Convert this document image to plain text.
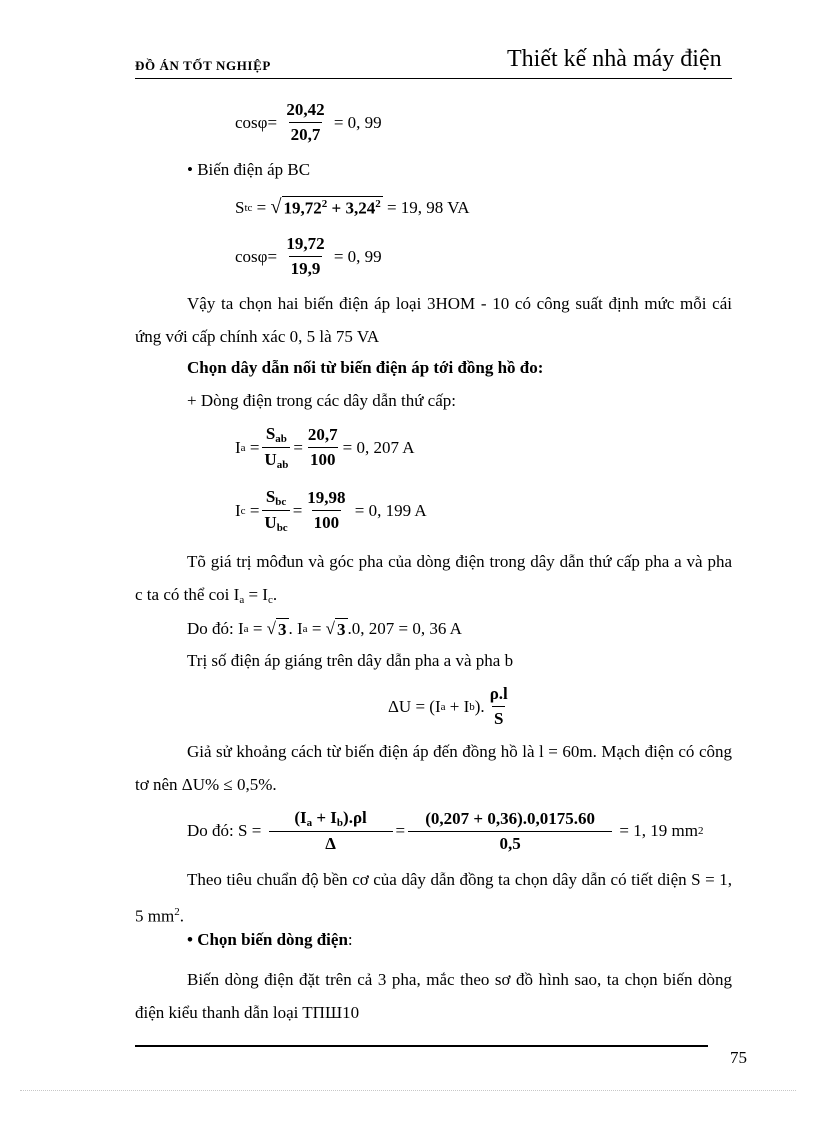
ĐỒ ÁN TỐT NGHIỆP	Thiết kế nhà máy điện
$\cos\varphi = \frac{20,42}{20,7}$
= 0, 99
• Biến điện áp BC
S tc = √ $19,72^2 + 3,24^2$
= 19, 98 VA
$\cos\varphi = \frac{19,72}{19,9}$
= 0, 99
Vậy ta chọn hai biến điện áp loại 3HOM - 10 có công suất định mức mỗi cái ứng với cấp chính xác 0, 5 là 75 VA
Chọn dây dẫn nối từ biến điện áp tới đồng hồ đo:
+ Dòng điện trong các dây dẫn thứ cấp:
I $a = \frac{S_{ab}}{U_{ab}} = \frac{20,7}{100} = 0$, 207 A
I $c = \frac{S_{bc}}{U_{bc}} = \frac{19,98}{100}$
= 0, 199 A
Tõ giá trị môđun và góc pha của dòng điện trong dây dẫn thứ cấp pha a và pha c ta có thể coi $I_a = I_c$.
Do đó: I a = √ 3 . I a = √ 3 .0, 207 = 0, 36 A
Trị số điện áp giáng trên dây dẫn pha a và pha b
ΔU = (I a + I b ). $\frac{\rho.l}{S}$
Giả sử khoảng cách từ biến điện áp đến đồng hồ là l = 60m. Mạch điện có công tơ nên ΔU% ≤ 0,5%.
Do đó: S =
$\frac{(I_a + I_b).\rho l}{\Delta} = \frac{(0,207 + 0,36).0,0175.60}{0,5}$
= 1, 19 mm 2
Theo tiêu chuẩn độ bền cơ của dây dẫn đồng ta chọn dây dẫn có tiết diện S = 1, 5 $mm^2$.
• Chọn biến dòng điện:
Biến dòng điện đặt trên cả 3 pha, mắc theo sơ đồ hình sao, ta chọn biến dòng điện kiểu thanh dẫn loại TПШ10
75
